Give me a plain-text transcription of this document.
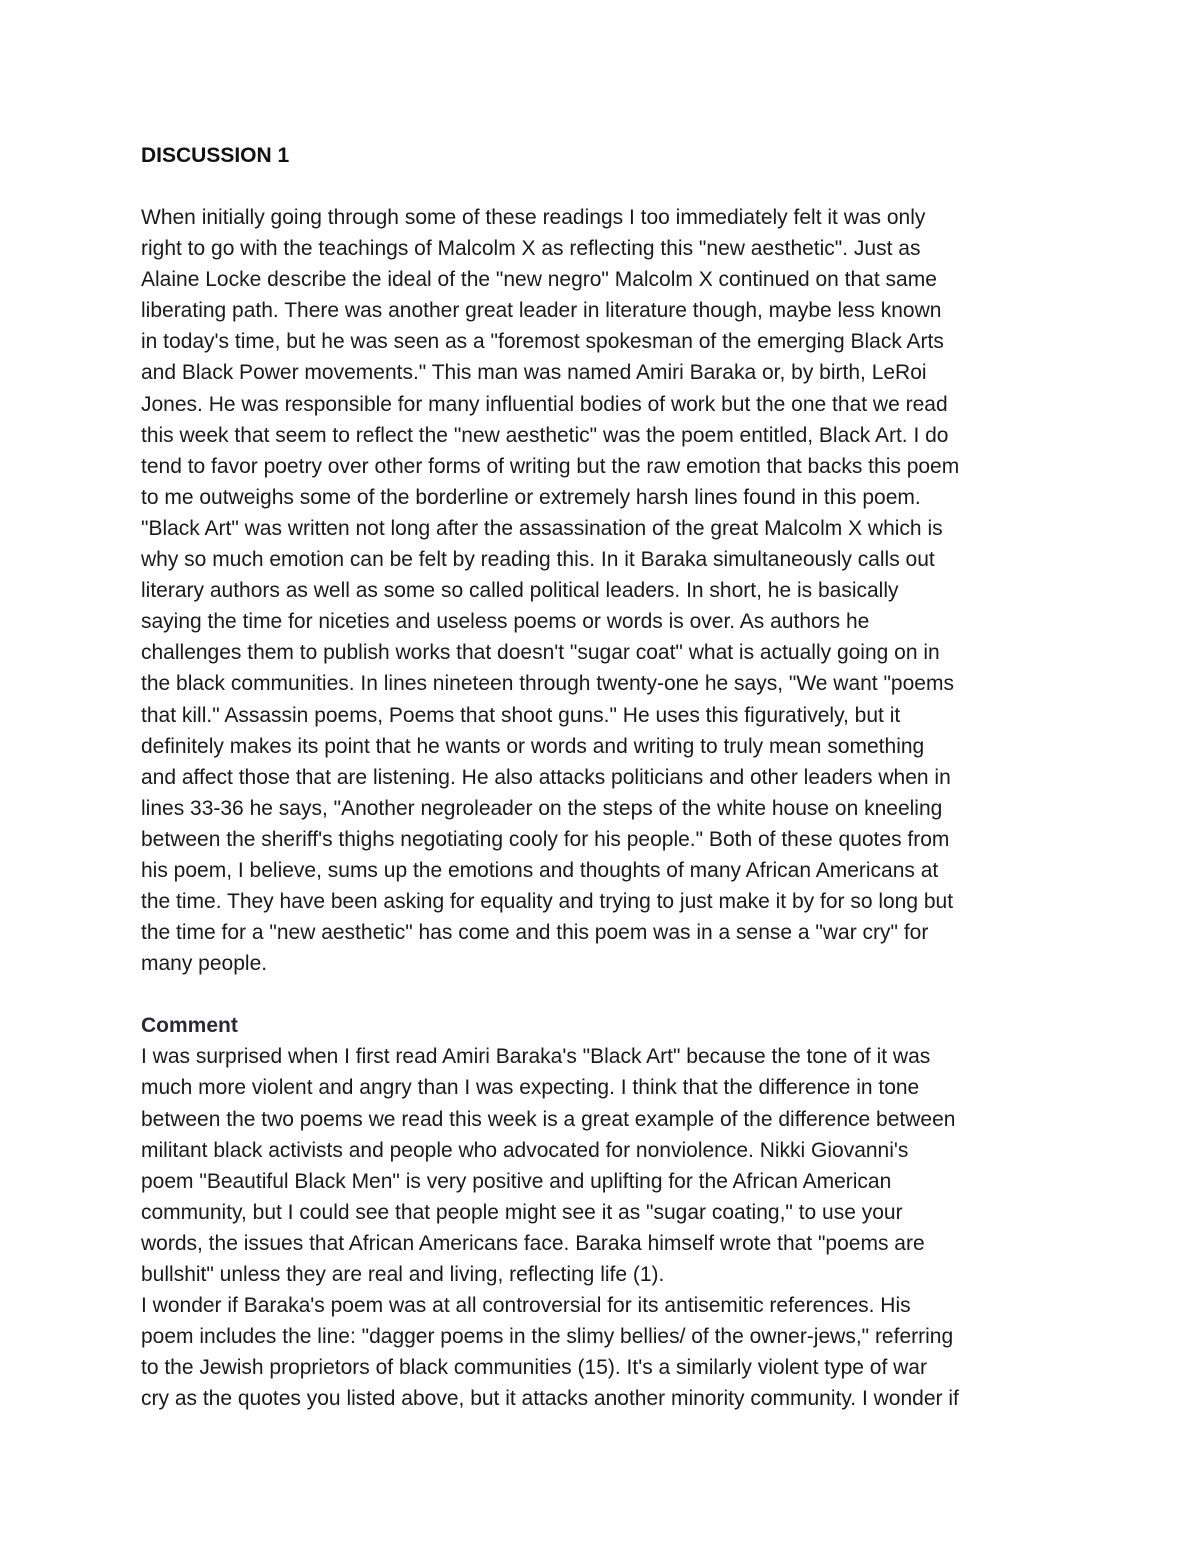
DISCUSSION 1
When initially going through some of these readings I too immediately felt it was only
right to go with the teachings of Malcolm X as reflecting this "new aesthetic". Just as
Alaine Locke describe the ideal of the "new negro" Malcolm X continued on that same
liberating path. There was another great leader in literature though, maybe less known
in today's time, but he was seen as a "foremost spokesman of the emerging Black Arts
and Black Power movements." This man was named Amiri Baraka or, by birth, LeRoi
Jones. He was responsible for many influential bodies of work but the one that we read
this week that seem to reflect the "new aesthetic" was the poem entitled, Black Art. I do
tend to favor poetry over other forms of writing but the raw emotion that backs this poem
to me outweighs some of the borderline or extremely harsh lines found in this poem.
"Black Art" was written not long after the assassination of the great Malcolm X which is
why so much emotion can be felt by reading this. In it Baraka simultaneously calls out
literary authors as well as some so called political leaders. In short, he is basically
saying the time for niceties and useless poems or words is over. As authors he
challenges them to publish works that doesn't "sugar coat" what is actually going on in
the black communities. In lines nineteen through twenty-one he says, "We want "poems
that kill." Assassin poems, Poems that shoot guns." He uses this figuratively, but it
definitely makes its point that he wants or words and writing to truly mean something
and affect those that are listening. He also attacks politicians and other leaders when in
lines 33-36 he says, "Another negroleader on the steps of the white house on kneeling
between the sheriff's thighs negotiating cooly for his people." Both of these quotes from
his poem, I believe, sums up the emotions and thoughts of many African Americans at
the time. They have been asking for equality and trying to just make it by for so long but
the time for a "new aesthetic" has come and this poem was in a sense a "war cry" for
many people.
Comment
I was surprised when I first read Amiri Baraka's "Black Art" because the tone of it was
much more violent and angry than I was expecting. I think that the difference in tone
between the two poems we read this week is a great example of the difference between
militant black activists and people who advocated for nonviolence. Nikki Giovanni's
poem "Beautiful Black Men" is very positive and uplifting for the African American
community, but I could see that people might see it as "sugar coating," to use your
words, the issues that African Americans face. Baraka himself wrote that "poems are
bullshit" unless they are real and living, reflecting life (1).
I wonder if Baraka's poem was at all controversial for its antisemitic references. His
poem includes the line: "dagger poems in the slimy bellies/ of the owner-jews," referring
to the Jewish proprietors of black communities (15). It's a similarly violent type of war
cry as the quotes you listed above, but it attacks another minority community. I wonder if
